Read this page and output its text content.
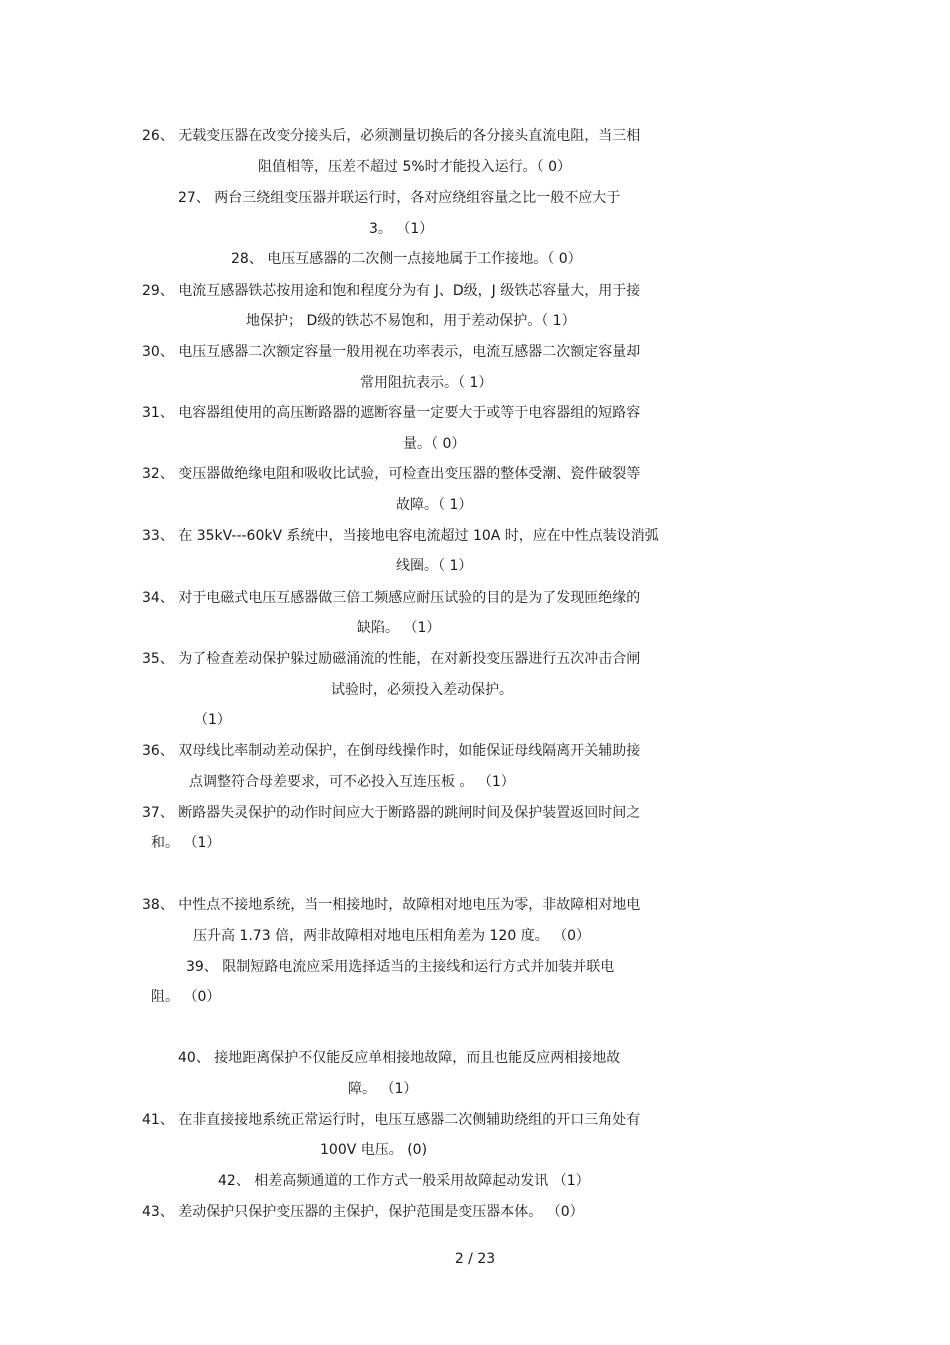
26、 无载变压器在改变分接头后，必须测量切换后的各分接头直流电阻，当三相
阻值相等，压差不超过 5%时才能投入运行。（ 0）
27、 两台三绕组变压器并联运行时，各对应绕组容量之比一般不应大于
3。 （1）
28、 电压互感器的二次侧一点接地属于工作接地。（ 0）
29、 电流互感器铁芯按用途和饱和程度分为有 J、D级，J 级铁芯容量大，用于接
地保护； D级的铁芯不易饱和，用于差动保护。（ 1）
30、 电压互感器二次额定容量一般用视在功率表示，电流互感器二次额定容量却
常用阻抗表示。（ 1）
31、 电容器组使用的高压断路器的遮断容量一定要大于或等于电容器组的短路容
量。（ 0）
32、 变压器做绝缘电阻和吸收比试验，可检查出变压器的整体受潮、瓷件破裂等
故障。（ 1）
33、 在 35kV---60kV 系统中，当接地电容电流超过 10A 时，应在中性点装设消弧
线圈。（ 1）
34、 对于电磁式电压互感器做三倍工频感应耐压试验的目的是为了发现匝绝缘的
缺陷。 （1）
35、 为了检查差动保护躲过励磁涌流的性能，在对新投变压器进行五次冲击合闸
试验时，必须投入差动保护。
（1）
36、 双母线比率制动差动保护，在倒母线操作时，如能保证母线隔离开关辅助接
点调整符合母差要求，可不必投入互连压板 。 （1）
37、 断路器失灵保护的动作时间应大于断路器的跳闸时间及保护装置返回时间之
和。 （1）
38、 中性点不接地系统，当一相接地时，故障相对地电压为零，非故障相对地电
压升高 1.73 倍，两非故障相对地电压相角差为 120 度。 （0）
39、 限制短路电流应采用选择适当的主接线和运行方式并加装并联电
阻。 （0）
40、 接地距离保护不仅能反应单相接地故障，而且也能反应两相接地故
障。 （1）
41、 在非直接接地系统正常运行时，电压互感器二次侧辅助绕组的开口三角处有
100V 电压。 (0)
42、 相差高频通道的工作方式一般采用故障起动发讯 （1）
43、 差动保护只保护变压器的主保护，保护范围是变压器本体。 （0）
2 / 23
